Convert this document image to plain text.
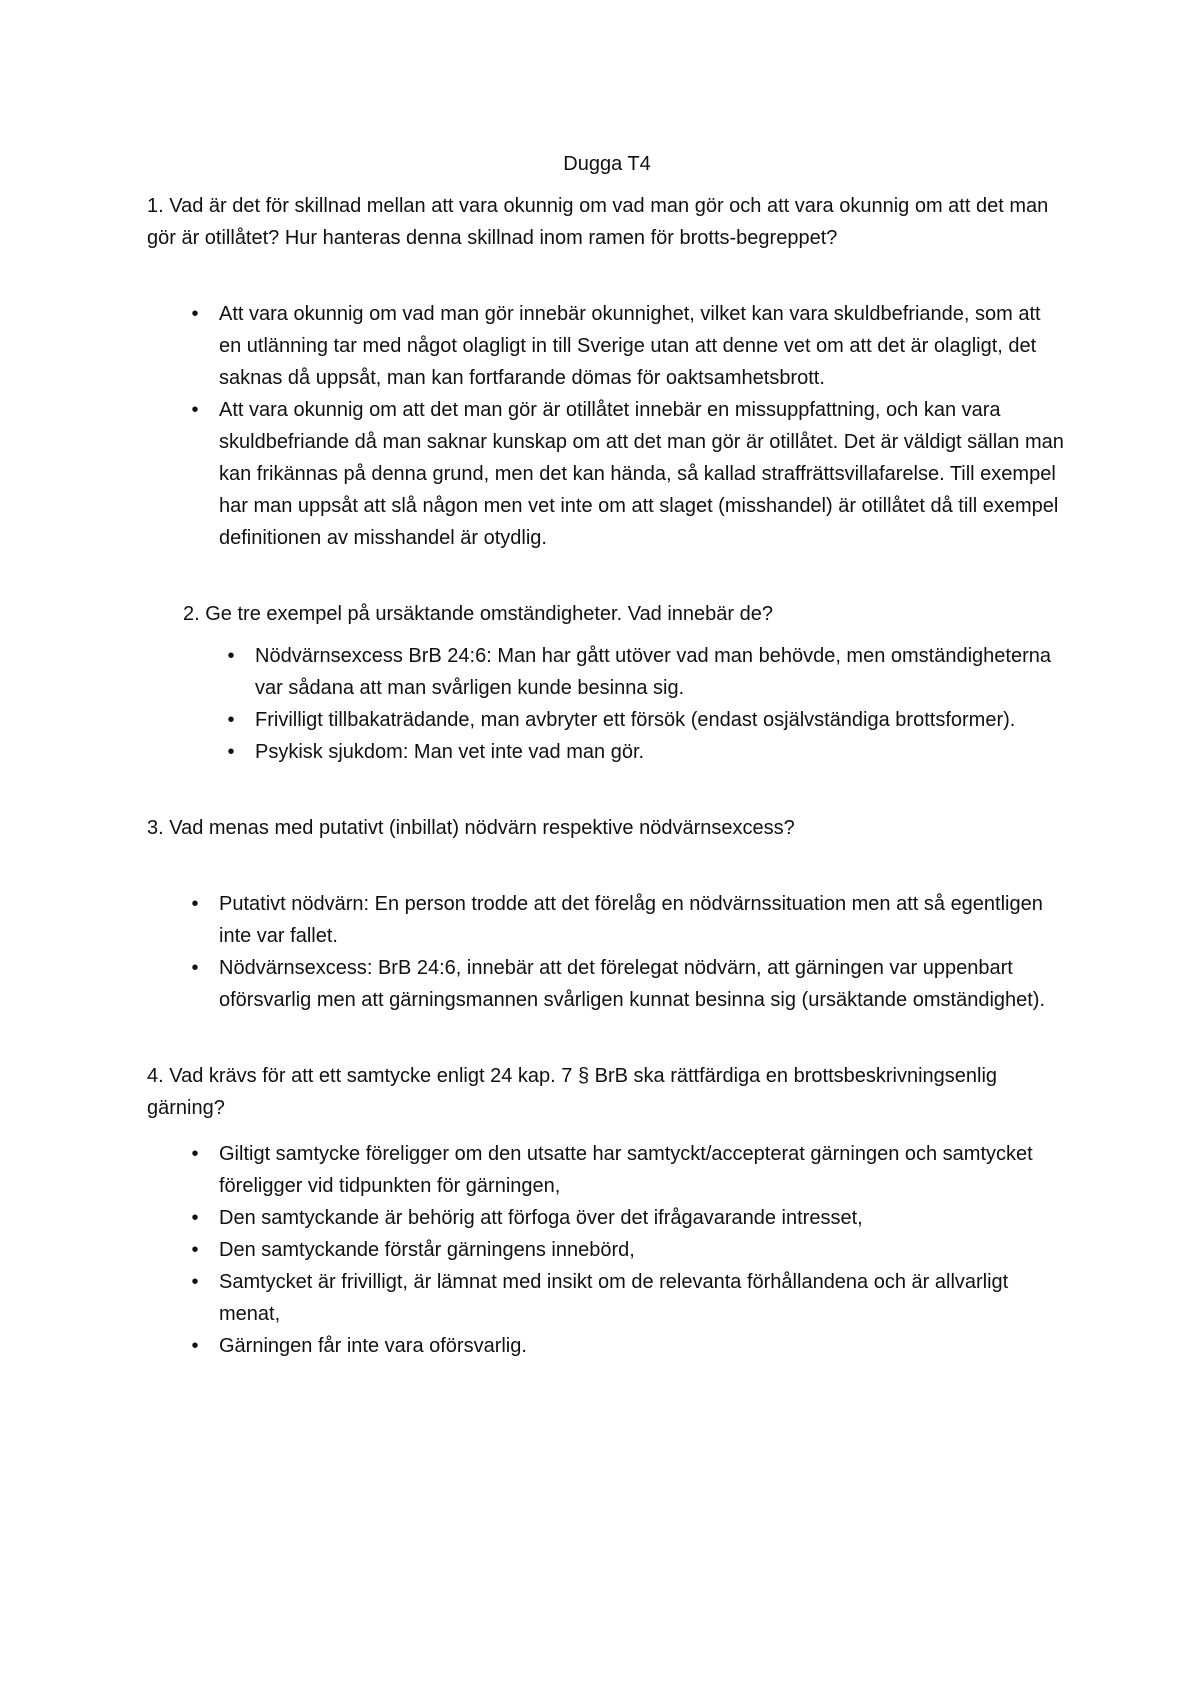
Dugga T4

1. Vad är det för skillnad mellan att vara okunnig om vad man gör och att vara okunnig om att det man gör är otillåtet? Hur hanteras denna skillnad inom ramen för brotts-begreppet?

•	Att vara okunnig om vad man gör innebär okunnighet, vilket kan vara skuldbefriande, som att en utlänning tar med något olagligt in till Sverige utan att denne vet om att det är olagligt, det saknas då uppsåt, man kan fortfarande dömas för oaktsamhetsbrott.
•	Att vara okunnig om att det man gör är otillåtet innebär en missuppfattning, och kan vara skuldbefriande då man saknar kunskap om att det man gör är otillåtet. Det är väldigt sällan man kan frikännas på denna grund, men det kan hända, så kallad straffrättsvillafarelse. Till exempel har man uppsåt att slå någon men vet inte om att slaget (misshandel) är otillåtet då till exempel definitionen av misshandel är otydlig.

2. Ge tre exempel på ursäktande omständigheter. Vad innebär de?

•	Nödvärnsexcess BrB 24:6: Man har gått utöver vad man behövde, men omständigheterna var sådana att man svårligen kunde besinna sig.
•	Frivilligt tillbakaträdande, man avbryter ett försök (endast osjälvständiga brottsformer).
•	Psykisk sjukdom: Man vet inte vad man gör.

3. Vad menas med putativt (inbillat) nödvärn respektive nödvärnsexcess?

•	Putativt nödvärn: En person trodde att det förelåg en nödvärnssituation men att så egentligen inte var fallet.
•	Nödvärnsexcess: BrB 24:6, innebär att det förelegat nödvärn, att gärningen var uppenbart oförsvarlig men att gärningsmannen svårligen kunnat besinna sig (ursäktande omständighet).

4. Vad krävs för att ett samtycke enligt 24 kap. 7 § BrB ska rättfärdiga en brottsbeskrivningsenlig gärning?

•	Giltigt samtycke föreligger om den utsatte har samtyckt/accepterat gärningen och samtycket föreligger vid tidpunkten för gärningen,
•	Den samtyckande är behörig att förfoga över det ifrågavarande intresset,
•	Den samtyckande förstår gärningens innebörd,
•	Samtycket är frivilligt, är lämnat med insikt om de relevanta förhållandena och är allvarligt menat,
•	Gärningen får inte vara oförsvarlig.
